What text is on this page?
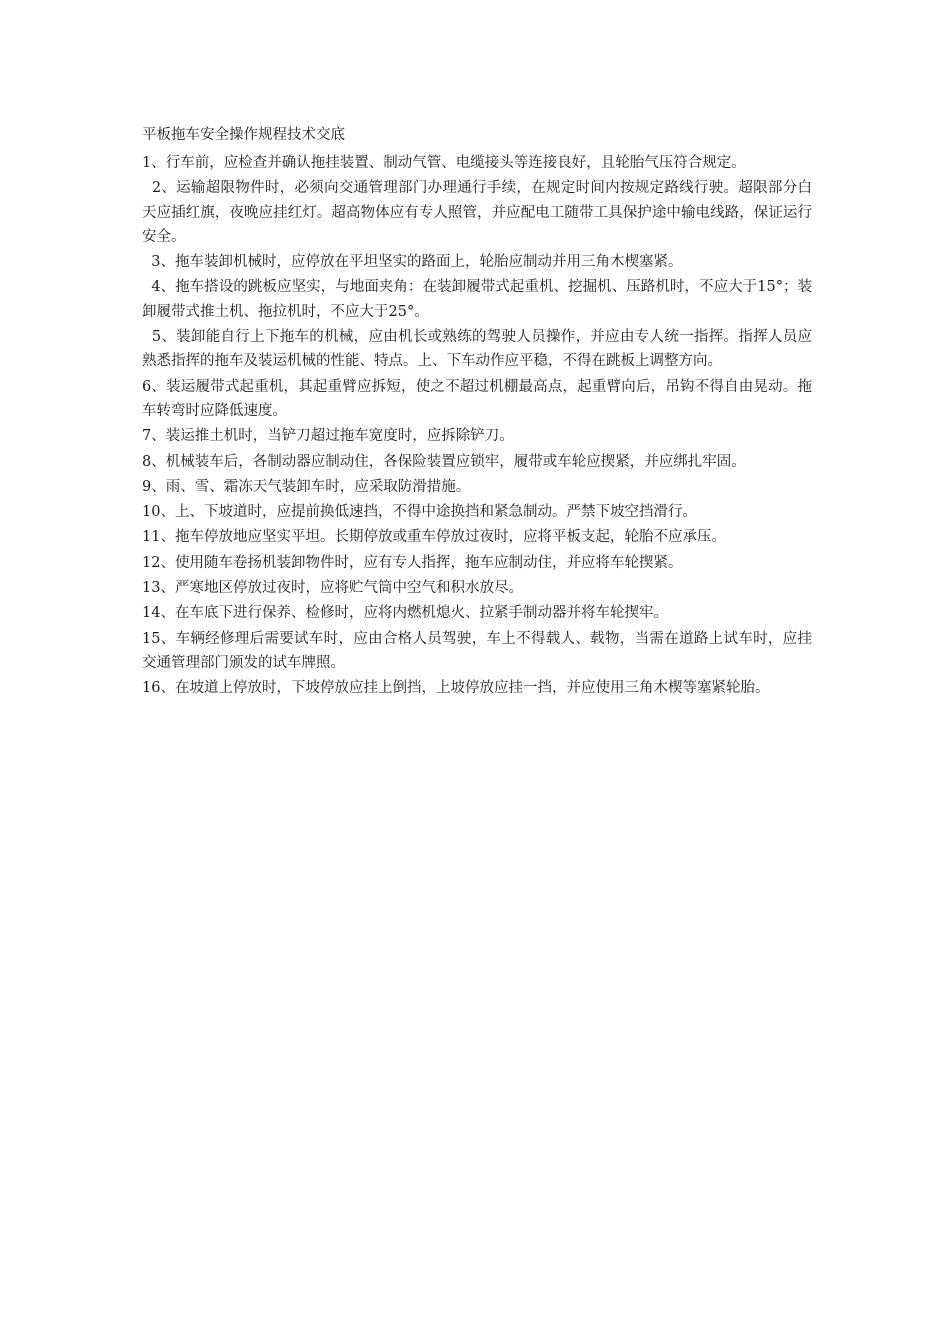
平板拖车安全操作规程技术交底
1、行车前，应检查并确认拖挂装置、制动气管、电缆接头等连接良好，且轮胎气压符合规定。
2、运输超限物件时，必须向交通管理部门办理通行手续，在规定时间内按规定路线行驶。超限部分白天应插红旗，夜晚应挂红灯。超高物体应有专人照管，并应配电工随带工具保护途中输电线路，保证运行安全。
3、拖车装卸机械时，应停放在平坦坚实的路面上，轮胎应制动并用三角木楔塞紧。
4、拖车搭设的跳板应坚实，与地面夹角：在装卸履带式起重机、挖掘机、压路机时，不应大于15°；装卸履带式推土机、拖拉机时，不应大于25°。
5、装卸能自行上下拖车的机械，应由机长或熟练的驾驶人员操作，并应由专人统一指挥。指挥人员应熟悉指挥的拖车及装运机械的性能、特点。上、下车动作应平稳，不得在跳板上调整方向。
6、装运履带式起重机，其起重臂应拆短，使之不超过机棚最高点，起重臂向后，吊钩不得自由晃动。拖车转弯时应降低速度。
7、装运推土机时，当铲刀超过拖车宽度时，应拆除铲刀。
8、机械装车后，各制动器应制动住，各保险装置应锁牢，履带或车轮应揳紧，并应绑扎牢固。
9、雨、雪、霜冻天气装卸车时，应采取防滑措施。
10、上、下坡道时，应提前换低速挡，不得中途换挡和紧急制动。严禁下坡空挡滑行。
11、拖车停放地应坚实平坦。长期停放或重车停放过夜时，应将平板支起，轮胎不应承压。
12、使用随车卷扬机装卸物件时，应有专人指挥，拖车应制动住，并应将车轮揳紧。
13、严寒地区停放过夜时，应将贮气筒中空气和积水放尽。
14、在车底下进行保养、检修时，应将内燃机熄火、拉紧手制动器并将车轮揳牢。
15、车辆经修理后需要试车时，应由合格人员驾驶，车上不得载人、载物，当需在道路上试车时，应挂交通管理部门颁发的试车牌照。
16、在坡道上停放时，下坡停放应挂上倒挡，上坡停放应挂一挡，并应使用三角木楔等塞紧轮胎。
